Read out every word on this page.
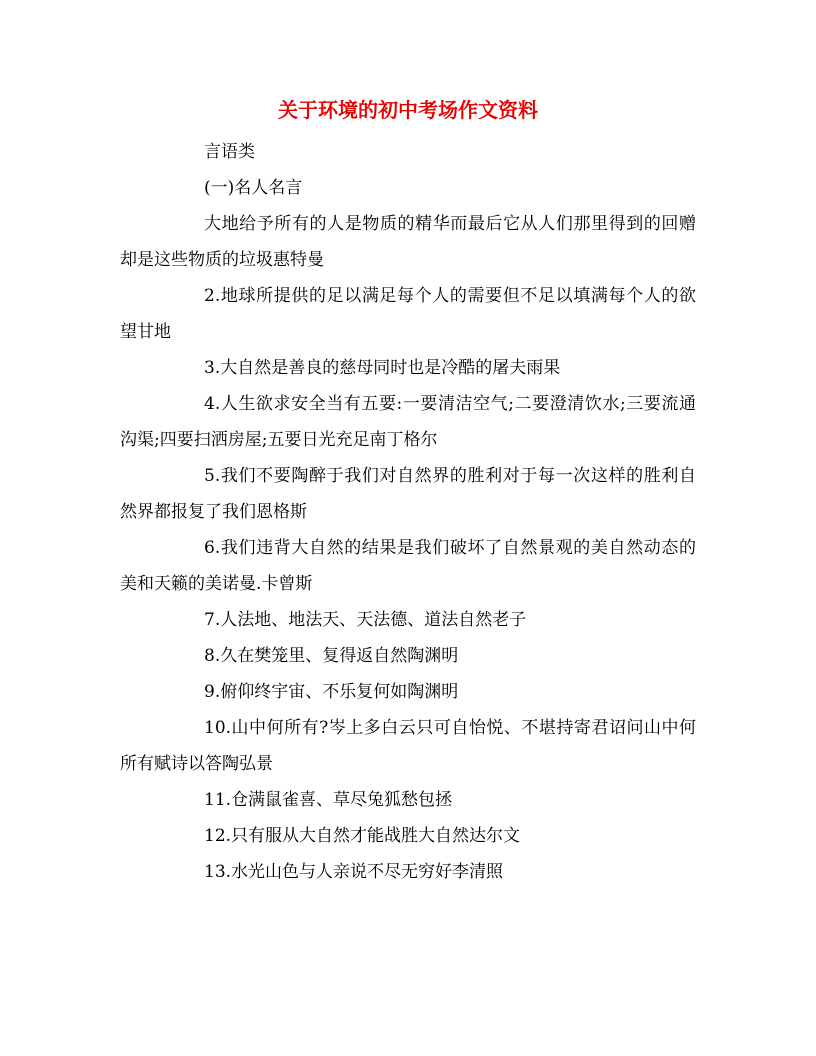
关于环境的初中考场作文资料

言语类

(一)名人名言

大地给予所有的人是物质的精华而最后它从人们那里得到的回赠却是这些物质的垃圾惠特曼

2.地球所提供的足以满足每个人的需要但不足以填满每个人的欲望甘地

3.大自然是善良的慈母同时也是冷酷的屠夫雨果

4.人生欲求安全当有五要:一要清洁空气;二要澄清饮水;三要流通沟渠;四要扫洒房屋;五要日光充足南丁格尔

5.我们不要陶醉于我们对自然界的胜利对于每一次这样的胜利自然界都报复了我们恩格斯

6.我们违背大自然的结果是我们破坏了自然景观的美自然动态的美和天籁的美诺曼.卡曾斯

7.人法地、地法天、天法德、道法自然老子

8.久在樊笼里、复得返自然陶渊明

9.俯仰终宇宙、不乐复何如陶渊明

10.山中何所有?岑上多白云只可自怡悦、不堪持寄君诏问山中何所有赋诗以答陶弘景

11.仓满鼠雀喜、草尽兔狐愁包拯

12.只有服从大自然才能战胜大自然达尔文

13.水光山色与人亲说不尽无穷好李清照
